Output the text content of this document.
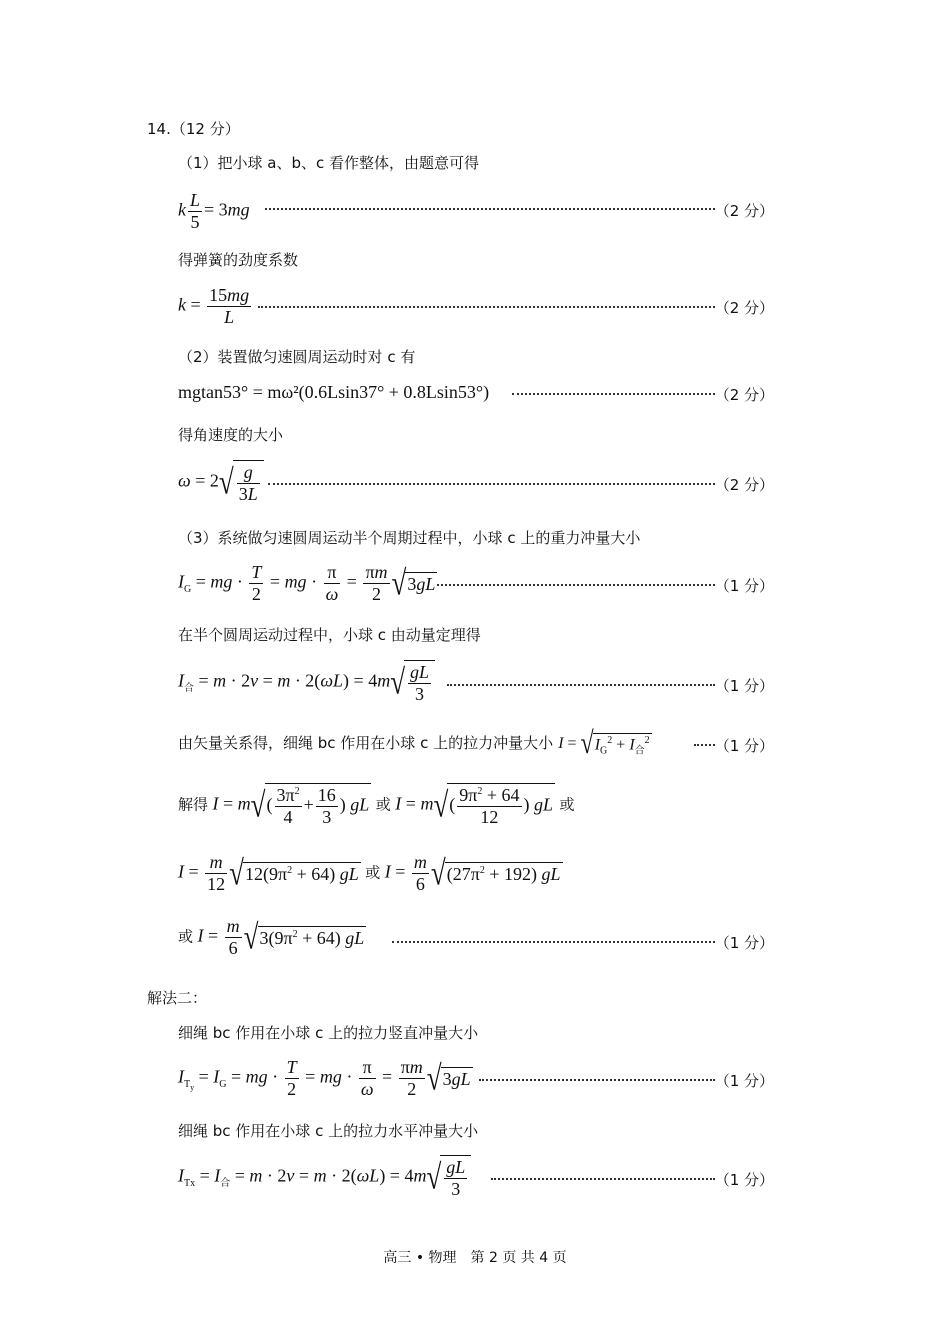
14.（12 分）
（1）把小球 a、b、c 看作整体，由题意可得
k $\frac{L}{5} = 3mg$	（2 分）
得弹簧的劲度系数
$k = \frac{15mg}{L}$	（2 分）
（2）装置做匀速圆周运动时对 c 有
mgtan53° = mω²(0.6Lsin37° + 0.8Lsin53°)	（2 分）
得角速度的大小
$\omega = 2√ \frac{g}{3L}$	（2 分）
（3）系统做匀速圆周运动半个周期过程中，小球 c 上的重力冲量大小
$I_G$ = mg · $\frac{T}{2}$ = mg · $\frac{\pi}{\omega} = \frac{\pi m}{2} √3gL$	（1 分）
在半个圆周运动过程中，小球 c 由动量定理得
$I_合 = m \cdot 2v = m \cdot 2(\omega L) = 4m√ \frac{gL}{3}$	（1 分）
由矢量关系得，细绳 bc 作用在小球 c 上的拉力冲量大小 $I = √I_G^2 + I_合^2$	（1 分）
解得 $I = m√( \frac{3\pi^2}{4} + \frac{16}{3}$ ) gL 或 $I = m√( \frac{9\pi^2 + 64}{12}$ ) gL 或
$I = \frac{m}{12} √12(9\pi^2 + 64)$ gL 或 $I = \frac{m}{6} √(27\pi^2 + 192)$ gL
或 $I = \frac{m}{6} √3(9\pi^2 + 64)$ gL	（1 分）
解法二：
细绳 bc 作用在小球 c 上的拉力竖直冲量大小
$I_{T_y} = I_G$ = mg · $\frac{T}{2}$ = mg · $\frac{\pi}{\omega} = \frac{\pi m}{2} √3gL$	（1 分）
细绳 bc 作用在小球 c 上的拉力水平冲量大小
$I_{Tx} = I_合 = m \cdot 2v = m \cdot 2(\omega L) = 4m√ \frac{gL}{3}$	（1 分）
高三 • 物理　第 2 页 共 4 页
